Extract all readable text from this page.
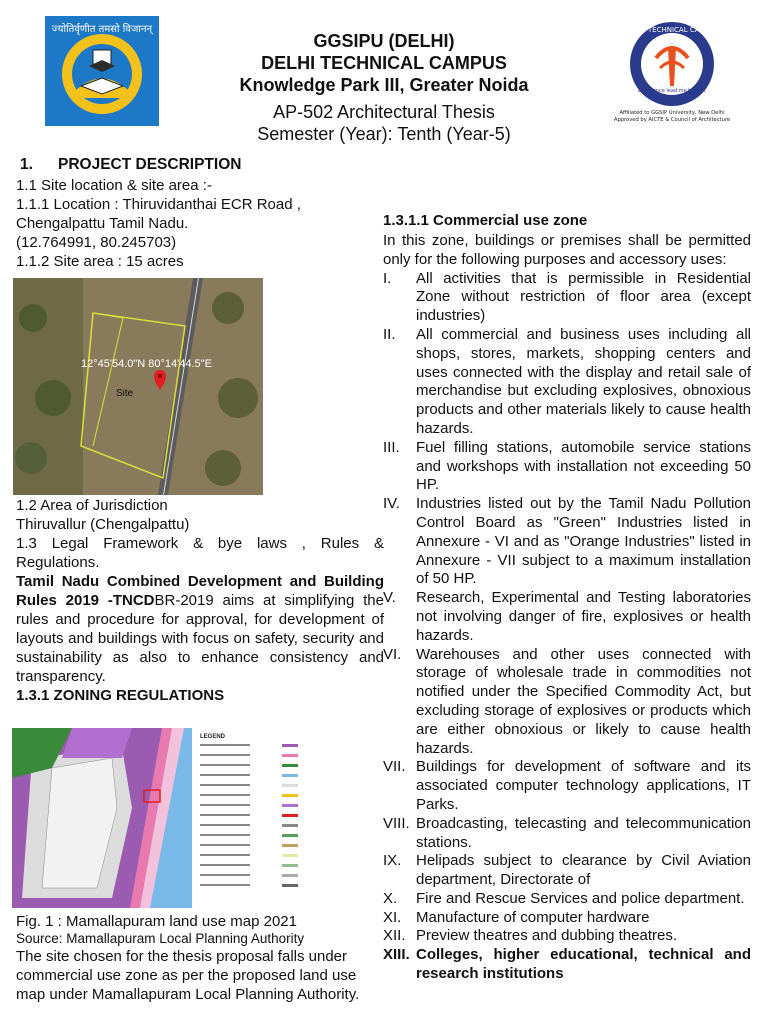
ज्योतिर्वृणीत तमसो विजानन्	DELHI TECHNICAL CAMPUS
Excellence lead me to light
Affiliated to GGSIP University, New Delhi
Approved by AICTE & Council of Architecture
GGSIPU (DELHI)
DELHI TECHNICAL CAMPUS
Knowledge Park III, Greater Noida
AP-502 Architectural Thesis
Semester (Year): Tenth (Year-5)
1. PROJECT DESCRIPTION
1.1 Site location & site area :-
1.1.1 Location : Thiruvidanthai ECR Road , Chengalpattu Tamil Nadu.
(12.764991, 80.245703)
1.1.2 Site area : 15 acres
12°45'54.0"N 80°14'44.5"E
Site
1.2 Area of Jurisdiction
Thiruvallur (Chengalpattu)
1.3 Legal Framework & bye laws , Rules & Regulations.
Tamil Nadu Combined Development and Building Rules 2019 -TNCDBR-2019 aims at simplifying the rules and procedure for approval, for development of layouts and buildings with focus on safety, security and sustainability as also to enhance consistency and transparency.
1.3.1 ZONING REGULATIONS
LEGEND
Fig. 1 : Mamallapuram land use map 2021
Source: Mamallapuram Local Planning Authority
The site chosen for the thesis proposal falls under commercial use zone as per the proposed land use map under Mamallapuram Local Planning Authority.
1.3.1.1 Commercial use zone
In this zone, buildings or premises shall be permitted only for the following purposes and accessory uses:
I. All activities that is permissible in Residential Zone without restriction of floor area (except industries)
II. All commercial and business uses including all shops, stores, markets, shopping centers and uses connected with the display and retail sale of merchandise but excluding explosives, obnoxious products and other materials likely to cause health hazards.
III. Fuel filling stations, automobile service stations and workshops with installation not exceeding 50 HP.
IV. Industries listed out by the Tamil Nadu Pollution Control Board as "Green" Industries listed in Annexure - VI and as "Orange Industries" listed in Annexure - VII subject to a maximum installation of 50 HP.
V. Research, Experimental and Testing laboratories not involving danger of fire, explosives or health hazards.
VI. Warehouses and other uses connected with storage of wholesale trade in commodities not notified under the Specified Commodity Act, but excluding storage of explosives or products which are either obnoxious or likely to cause health hazards.
VII. Buildings for development of software and its associated computer technology applications, IT Parks.
VIII. Broadcasting, telecasting and telecommunication stations.
IX. Helipads subject to clearance by Civil Aviation department, Directorate of
X. Fire and Rescue Services and police department.
XI. Manufacture of computer hardware
XII. Preview theatres and dubbing theatres.
XIII. Colleges, higher educational, technical and research institutions
